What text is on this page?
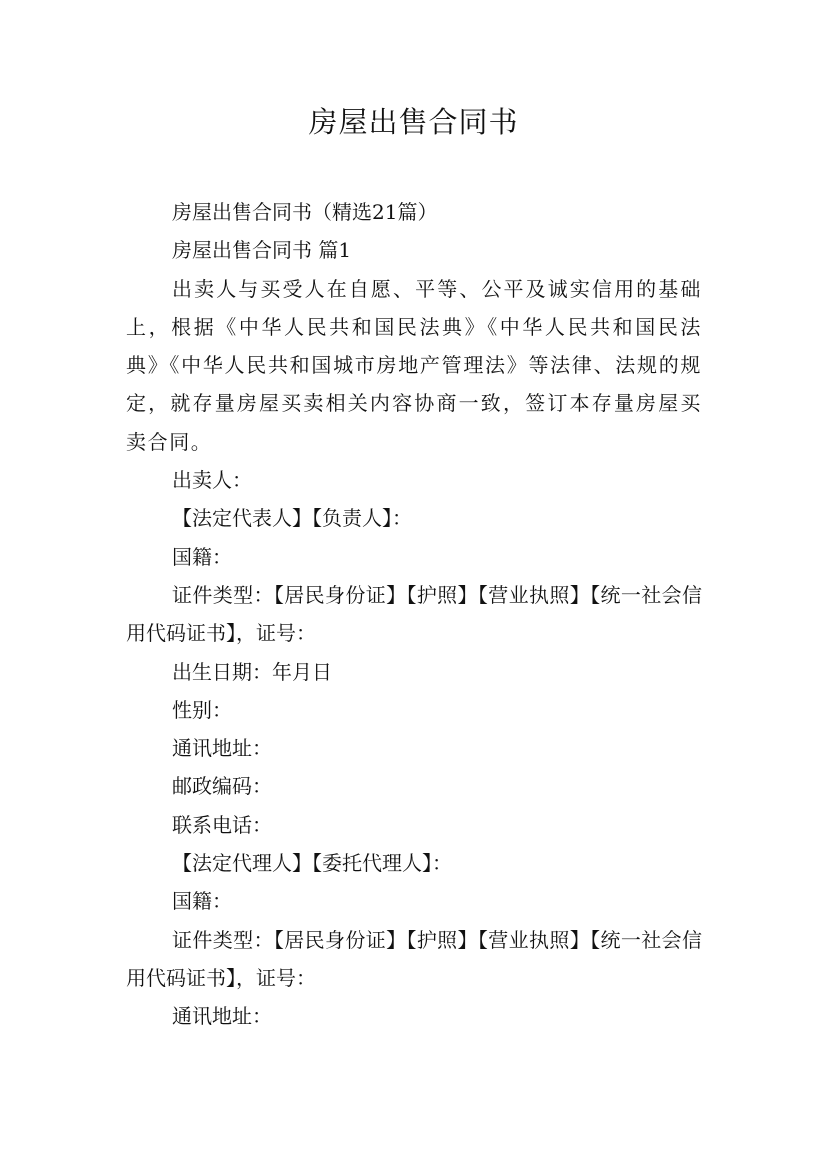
房屋出售合同书

房屋出售合同书（精选21篇）

房屋出售合同书 篇1

出卖人与买受人在自愿、平等、公平及诚实信用的基础上，根据《中华人民共和国民法典》《中华人民共和国民法典》《中华人民共和国城市房地产管理法》等法律、法规的规定，就存量房屋买卖相关内容协商一致，签订本存量房屋买卖合同。

出卖人：

【法定代表人】【负责人】：

国籍：

证件类型：【居民身份证】【护照】【营业执照】【统一社会信用代码证书】，证号：

出生日期：年月日

性别：

通讯地址：

邮政编码：

联系电话：

【法定代理人】【委托代理人】：

国籍：

证件类型：【居民身份证】【护照】【营业执照】【统一社会信用代码证书】，证号：

通讯地址：
